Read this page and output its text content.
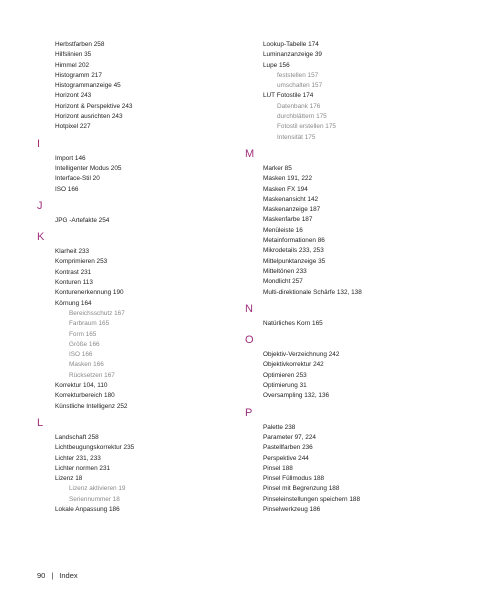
Herbstfarben 258
Hilfslinien 35
Himmel 202
Histogramm 217
Histogrammanzeige 45
Horizont 243
Horizont & Perspektive 243
Horizont ausrichten 243
Hotpixel 227
I
Import 146
Intelligenter Modus 205
Interface-Stil 20
ISO 166
J
JPG -Artefakte 254
K
Klarheit 233
Komprimieren 253
Kontrast 231
Konturen 113
Konturenerkennung 190
Körnung 164
Bereichsschutz 167
Farbraum 165
Form 165
Größe 166
ISO 166
Masken 166
Rücksetzen 167
Korrektur 104, 110
Korrekturbereich 180
Künstliche Intelligenz 252
L
Landschaft 258
Lichtbeugungskorrektur 235
Lichter 231, 233
Lichter normen 231
Lizenz 18
Lizenz aktivieren 19
Seriennummer 18
Lokale Anpassung 186
Lookup-Tabelle 174
Luminanzanzeige 39
Lupe 156
feststellen 157
umschalten 157
LUT Fotostile 174
Datenbank 176
durchblättern 175
Fotostil erstellen 175
Intensität 175
M
Marker 85
Masken 191, 222
Masken FX 194
Maskenansicht 142
Maskenanzeige 187
Maskenfarbe 187
Menüleiste 16
Metainformationen 86
Mikrodetails 233, 253
Mittelpunktanzeige 35
Mitteltönen 233
Mondlicht 257
Multi-direktionale Schärfe 132, 138
N
Natürliches Korn 165
O
Objektiv-Verzeichnung 242
Objektivkorrektur 242
Optimieren 253
Optimierung 31
Oversampling 132, 136
P
Palette 238
Parameter 97, 224
Pastellfarben 236
Perspektive 244
Pinsel 188
Pinsel Füllmodus 188
Pinsel mit Begrenzung 188
Pinseleinstellungen speichern 188
Pinselwerkzeug 186
90 | Index
